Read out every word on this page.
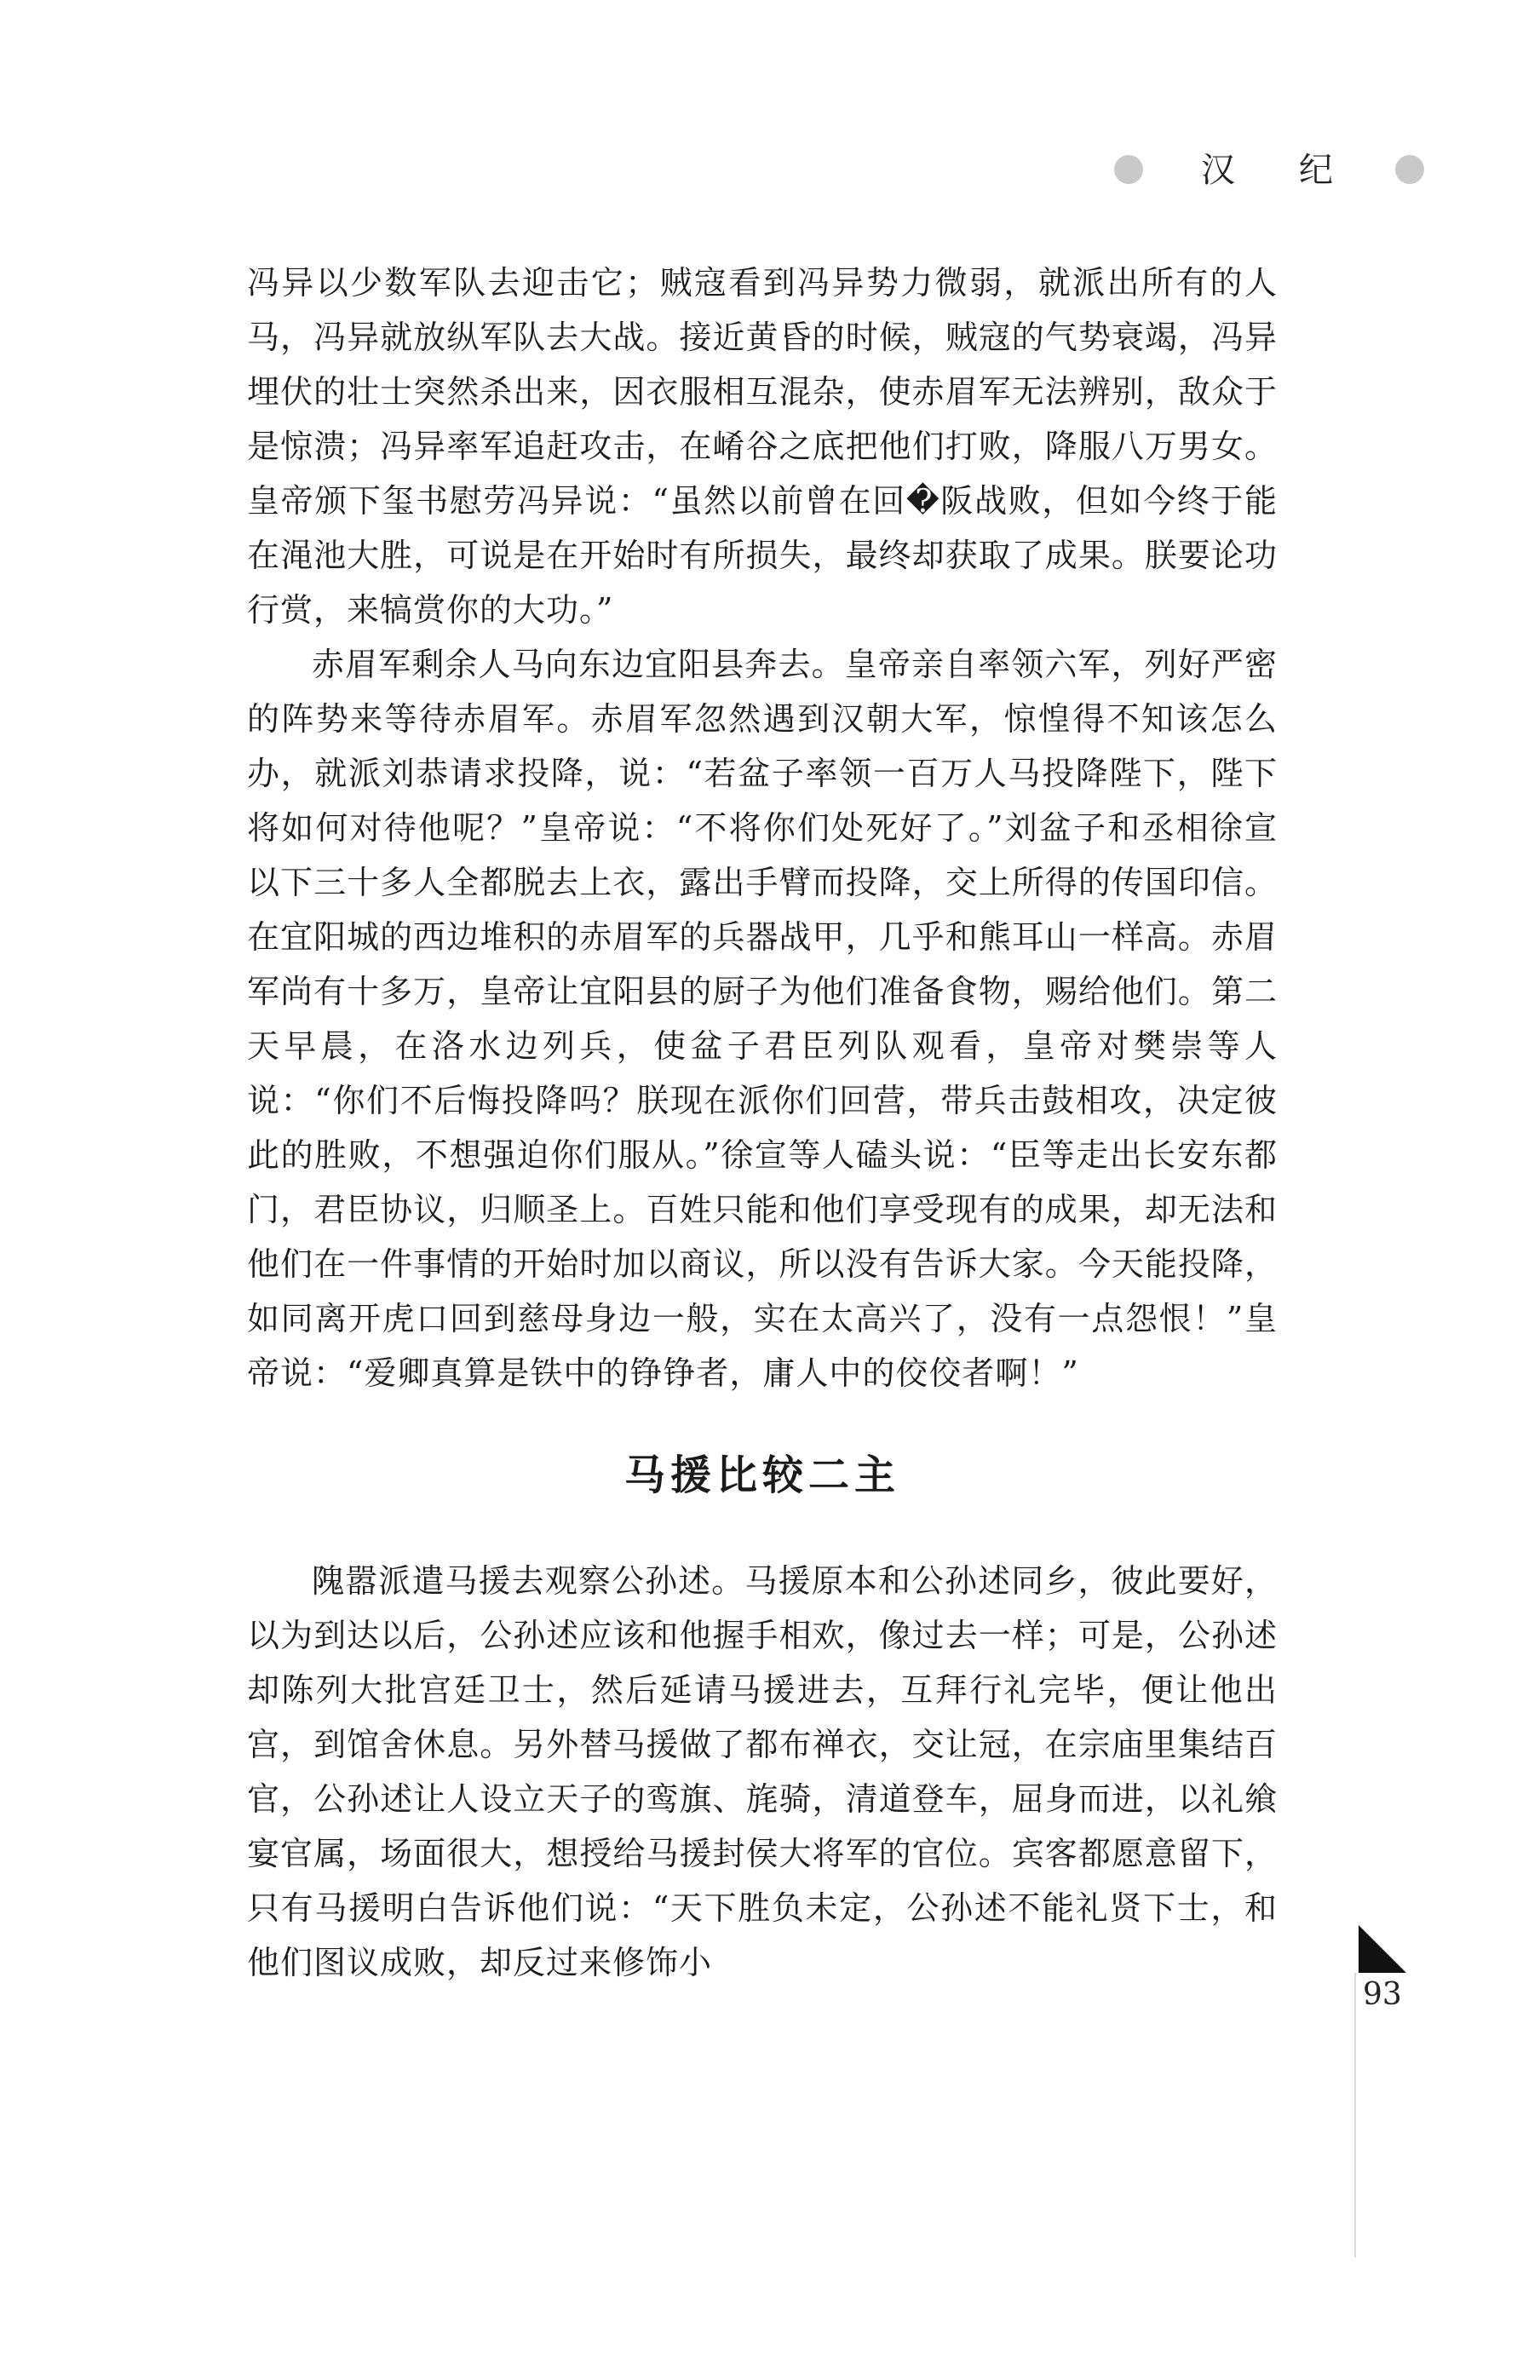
汉 纪

冯异以少数军队去迎击它；贼寇看到冯异势力微弱，就派出所有的人马，冯异就放纵军队去大战。接近黄昏的时候，贼寇的气势衰竭，冯异埋伏的壮士突然杀出来，因衣服相互混杂，使赤眉军无法辨别，敌众于是惊溃；冯异率军追赶攻击，在崤谷之底把他们打败，降服八万男女。皇帝颁下玺书慰劳冯异说：“虽然以前曾在回�阪战败，但如今终于能在渑池大胜，可说是在开始时有所损失，最终却获取了成果。朕要论功行赏，来犒赏你的大功。”

赤眉军剩余人马向东边宜阳县奔去。皇帝亲自率领六军，列好严密的阵势来等待赤眉军。赤眉军忽然遇到汉朝大军，惊惶得不知该怎么办，就派刘恭请求投降，说：“若盆子率领一百万人马投降陛下，陛下将如何对待他呢？”皇帝说：“不将你们处死好了。”刘盆子和丞相徐宣以下三十多人全都脱去上衣，露出手臂而投降，交上所得的传国印信。在宜阳城的西边堆积的赤眉军的兵器战甲，几乎和熊耳山一样高。赤眉军尚有十多万，皇帝让宜阳县的厨子为他们准备食物，赐给他们。第二天早晨，在洛水边列兵，使盆子君臣列队观看，皇帝对樊崇等人说：“你们不后悔投降吗？朕现在派你们回营，带兵击鼓相攻，决定彼此的胜败，不想强迫你们服从。”徐宣等人磕头说：“臣等走出长安东都门，君臣协议，归顺圣上。百姓只能和他们享受现有的成果，却无法和他们在一件事情的开始时加以商议，所以没有告诉大家。今天能投降，如同离开虎口回到慈母身边一般，实在太高兴了，没有一点怨恨！”皇帝说：“爱卿真算是铁中的铮铮者，庸人中的佼佼者啊！”

马援比较二主

隗嚣派遣马援去观察公孙述。马援原本和公孙述同乡，彼此要好，以为到达以后，公孙述应该和他握手相欢，像过去一样；可是，公孙述却陈列大批宫廷卫士，然后延请马援进去，互拜行礼完毕，便让他出宫，到馆舍休息。另外替马援做了都布禅衣，交让冠，在宗庙里集结百官，公孙述让人设立天子的鸾旗、旄骑，清道登车，屈身而进，以礼飨宴官属，场面很大，想授给马援封侯大将军的官位。宾客都愿意留下，只有马援明白告诉他们说：“天下胜负未定，公孙述不能礼贤下士，和他们图议成败，却反过来修饰小

93
